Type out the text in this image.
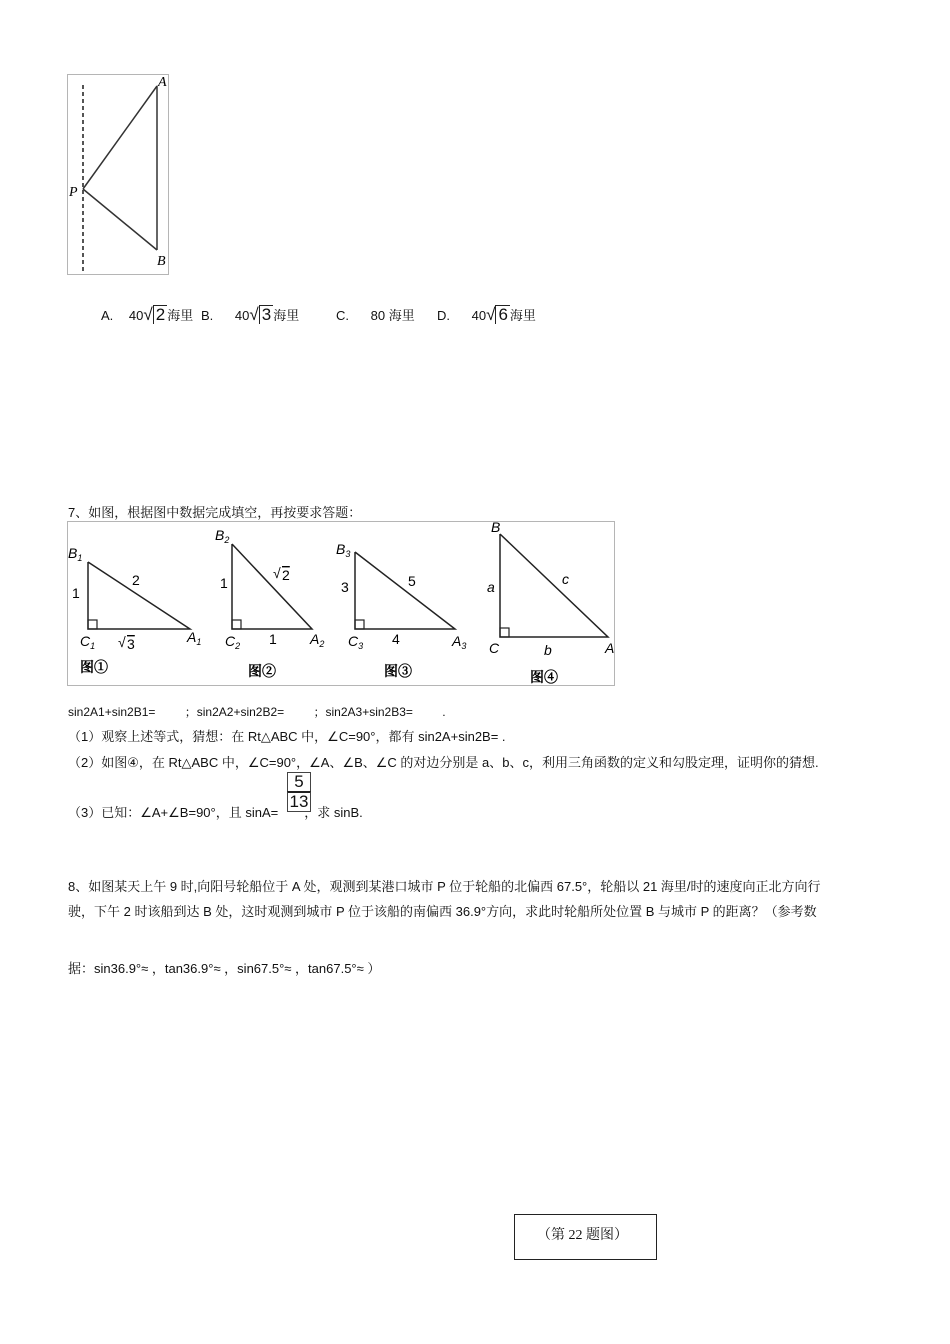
A
P
B
A. 40√ 2 海里 B. 40√ 3 海里	C. 80 海里 D. 40√ 6 海里
7、如图，根据图中数据完成填空，再按要求答题：
$B_1$
1
2
$C_1$ √ 3	$A_1$
图①
$B_2$
1
√ 2
$C_2$ 1 $A_2$
图②
$B_3$
3	5
$C_3$ 4	$A_3$
图③
B
a	c
C	b	A
图④
sin2A1+sin2B1= ；sin2A2+sin2B2= ；sin2A3+sin2B3= .
（1）观察上述等式，猜想：在 Rt△ABC 中，∠C=90°，都有 sin2A+sin2B= .
（2）如图④，在 Rt△ABC 中，∠C=90°，∠A、∠B、∠C 的对边分别是 a、b、c，利用三角函数的定义和勾股定理，证明你的猜想.
（3）已知：∠A+∠B=90°，且 sinA= ，求 sinB.
$\frac{5}{13}$
8、如图某天上午 9 时,向阳号轮船位于 A 处，观测到某港口城市 P 位于轮船的北偏西 67.5°，轮船以 21 海里/时的速度向正北方向行
驶，下午 2 时该船到达 B 处，这时观测到城市 P 位于该船的南偏西 36.9°方向，求此时轮船所处位置 B 与城市 P 的距离？（参考数
据：sin36.9°≈ ，tan36.9°≈ ，sin67.5°≈ ，tan67.5°≈ ）
（第 22 题图）
